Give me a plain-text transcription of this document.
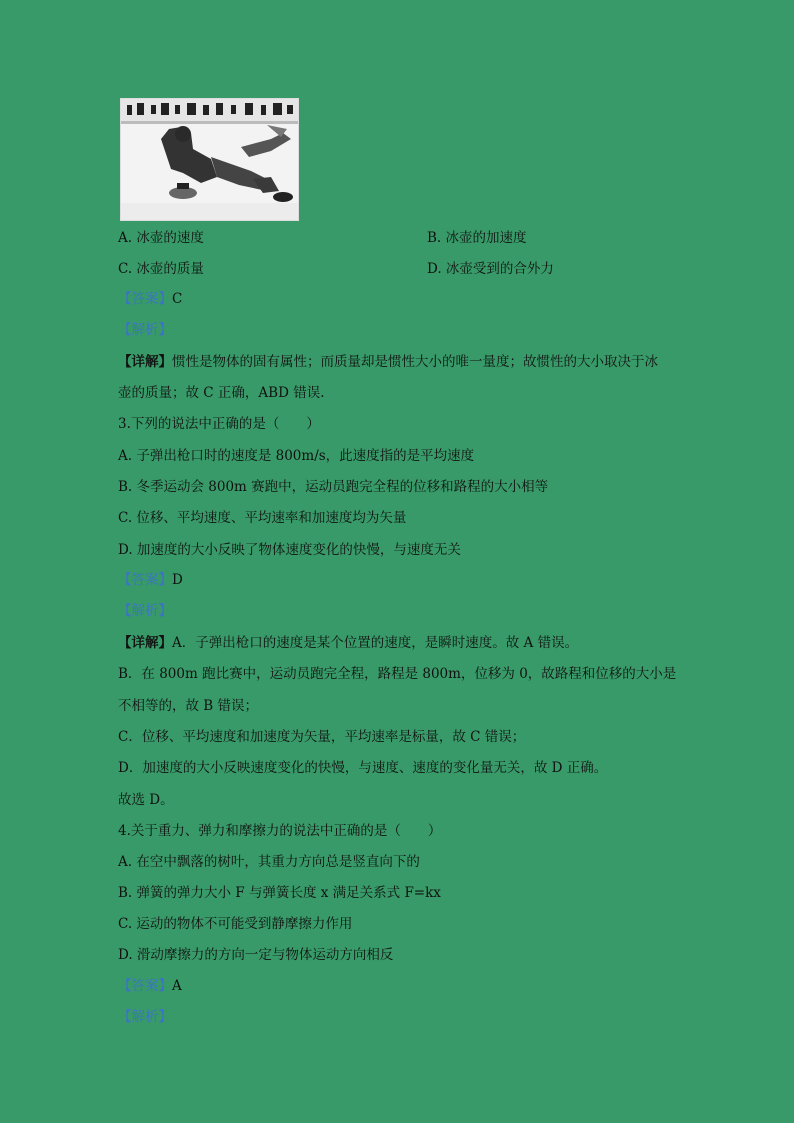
A. 冰壶的速度	B. 冰壶的加速度
C. 冰壶的质量	D. 冰壶受到的合外力
【答案】C
【解析】
【详解】惯性是物体的固有属性；而质量却是惯性大小的唯一量度；故惯性的大小取决于冰
壶的质量；故 C 正确，ABD 错误.
3.下列的说法中正确的是（　　）
A. 子弹出枪口时的速度是 800m/s，此速度指的是平均速度
B. 冬季运动会 800m 赛跑中，运动员跑完全程的位移和路程的大小相等
C. 位移、平均速度、平均速率和加速度均为矢量
D. 加速度的大小反映了物体速度变化的快慢，与速度无关
【答案】D
【解析】
【详解】A．子弹出枪口的速度是某个位置的速度，是瞬时速度。故 A 错误。
B．在 800m 跑比赛中，运动员跑完全程，路程是 800m，位移为 0，故路程和位移的大小是
不相等的，故 B 错误；
C．位移、平均速度和加速度为矢量，平均速率是标量，故 C 错误；
D．加速度的大小反映速度变化的快慢，与速度、速度的变化量无关，故 D 正确。
故选 D。
4.关于重力、弹力和摩擦力的说法中正确的是（　　）
A. 在空中飘落的树叶，其重力方向总是竖直向下的
B. 弹簧的弹力大小 F 与弹簧长度 x 满足关系式 F=kx
C. 运动的物体不可能受到静摩擦力作用
D. 滑动摩擦力的方向一定与物体运动方向相反
【答案】A
【解析】
